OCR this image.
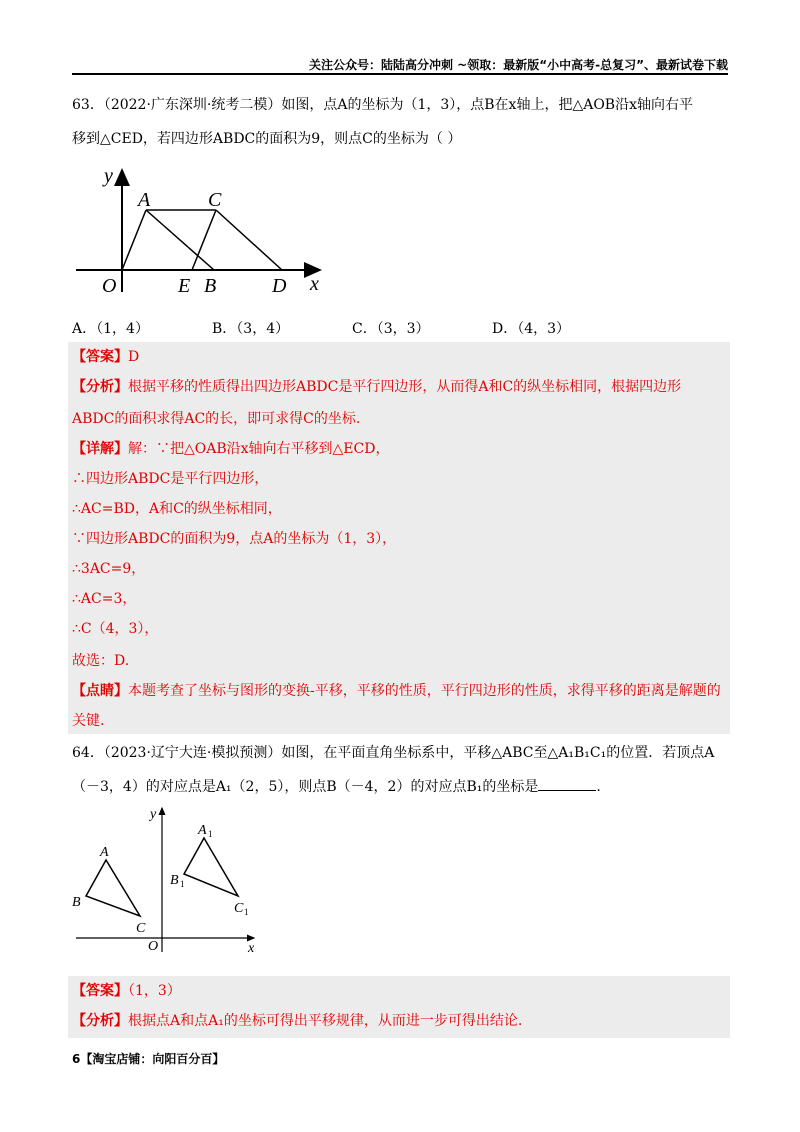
关注公众号：陆陆高分冲刺 ~领取：最新版“小中高考-总复习”、最新试卷下载
63．（2022·广东深圳·统考二模）如图，点A的坐标为（1，3），点B在x轴上，把△AOB沿x轴向右平
移到△CED，若四边形ABDC的面积为9，则点C的坐标为（ ）
y
x
A	C
O	E B	D
A．（1，4）	B．（3，4）	C．（3，3）	D．（4，3）
【答案】D
【分析】根据平移的性质得出四边形ABDC是平行四边形，从而得A和C的纵坐标相同，根据四边形
ABDC的面积求得AC的长，即可求得C的坐标.
【详解】解：∵把△OAB沿x轴向右平移到△ECD，
∴四边形ABDC是平行四边形，
∴AC=BD，A和C的纵坐标相同，
∵四边形ABDC的面积为9，点A的坐标为（1，3），
∴3AC=9，
∴AC=3，
∴C（4，3），
故选：D.
【点睛】本题考查了坐标与图形的变换-平移，平移的性质，平行四边形的性质，求得平移的距离是解题的
关键.
64．（2023·辽宁大连·模拟预测）如图，在平面直角坐标系中，平移△ABC至△A₁B₁C₁的位置．若顶点A
（－3，4）的对应点是A₁（2，5），则点B（－4，2）的对应点B₁的坐标是	.
y
x
O
A
B
C
A 1
B 1
C 1
【答案】（1，3）
【分析】根据点A和点A₁的坐标可得出平移规律，从而进一步可得出结论.
6【淘宝店铺：向阳百分百】
